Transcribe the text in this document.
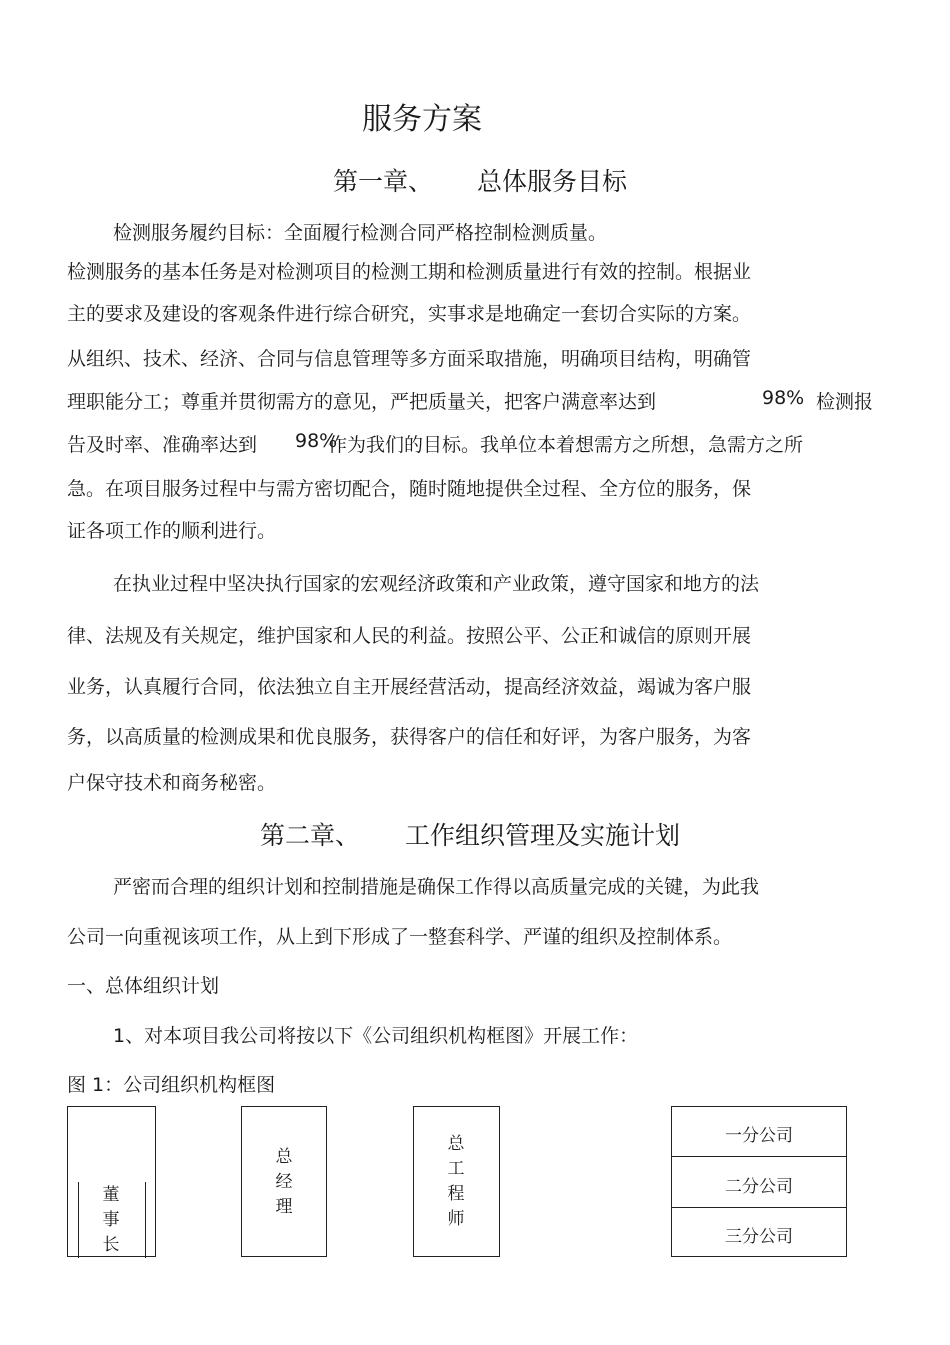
服务方案
第一章、 总体服务目标
检测服务履约目标：全面履行检测合同严格控制检测质量。
检测服务的基本任务是对检测项目的检测工期和检测质量进行有效的控制。根据业
主的要求及建设的客观条件进行综合研究，实事求是地确定一套切合实际的方案。
从组织、技术、经济、合同与信息管理等多方面采取措施，明确项目结构，明确管
理职能分工；尊重并贯彻需方的意见，严把质量关，把客户满意率达到	98% 检测报
告及时率、准确率达到 98%
作为我们的目标。我单位本着想需方之所想，急需方之所
急。在项目服务过程中与需方密切配合，随时随地提供全过程、全方位的服务，保
证各项工作的顺利进行。
在执业过程中坚决执行国家的宏观经济政策和产业政策，遵守国家和地方的法
律、法规及有关规定，维护国家和人民的利益。按照公平、公正和诚信的原则开展
业务，认真履行合同，依法独立自主开展经营活动，提高经济效益，竭诚为客户服
务，以高质量的检测成果和优良服务，获得客户的信任和好评，为客户服务，为客
户保守技术和商务秘密。
第二章、 工作组织管理及实施计划
严密而合理的组织计划和控制措施是确保工作得以高质量完成的关键，为此我
公司一向重视该项工作，从上到下形成了一整套科学、严谨的组织及控制体系。
一、总体组织计划
1、对本项目我公司将按以下《公司组织机构框图》开展工作：
图 1：公司组织机构框图
董事长
总经理
总工程师
一分公司
二分公司
三分公司
